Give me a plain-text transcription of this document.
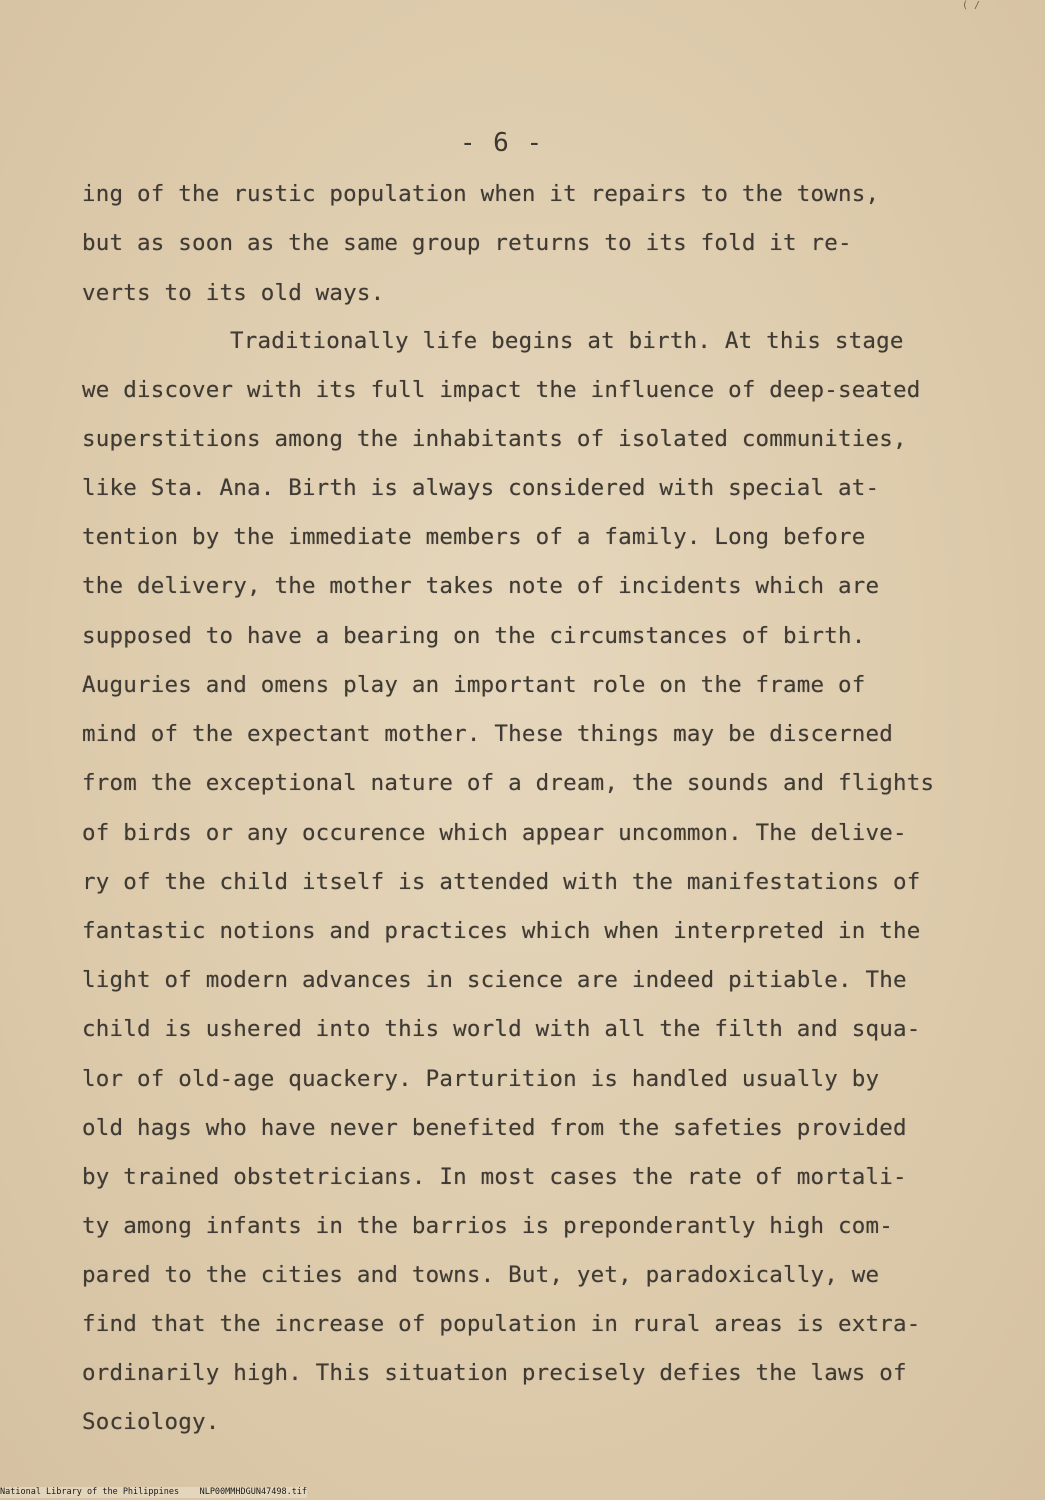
( /
- 6 -
ing of the rustic population when it repairs to the towns,
but as soon as the same group returns to its fold it re-
verts to its old ways.
Traditionally life begins at birth. At this stage
we discover with its full impact the influence of deep-seated
superstitions among the inhabitants of isolated communities,
like Sta. Ana. Birth is always considered with special at-
tention by the immediate members of a family. Long before
the delivery, the mother takes note of incidents which are
supposed to have a bearing on the circumstances of birth.
Auguries and omens play an important role on the frame of
mind of the expectant mother. These things may be discerned
from the exceptional nature of a dream, the sounds and flights
of birds or any occurence which appear uncommon. The delive-
ry of the child itself is attended with the manifestations of
fantastic notions and practices which when interpreted in the
light of modern advances in science are indeed pitiable. The
child is ushered into this world with all the filth and squa-
lor of old-age quackery. Parturition is handled usually by
old hags who have never benefited from the safeties provided
by trained obstetricians. In most cases the rate of mortali-
ty among infants in the barrios is preponderantly high com-
pared to the cities and towns. But, yet, paradoxically, we
find that the increase of population in rural areas is extra-
ordinarily high. This situation precisely defies the laws of
Sociology.
National Library of the Philippines    NLP00MMHDGUN47498.tif
